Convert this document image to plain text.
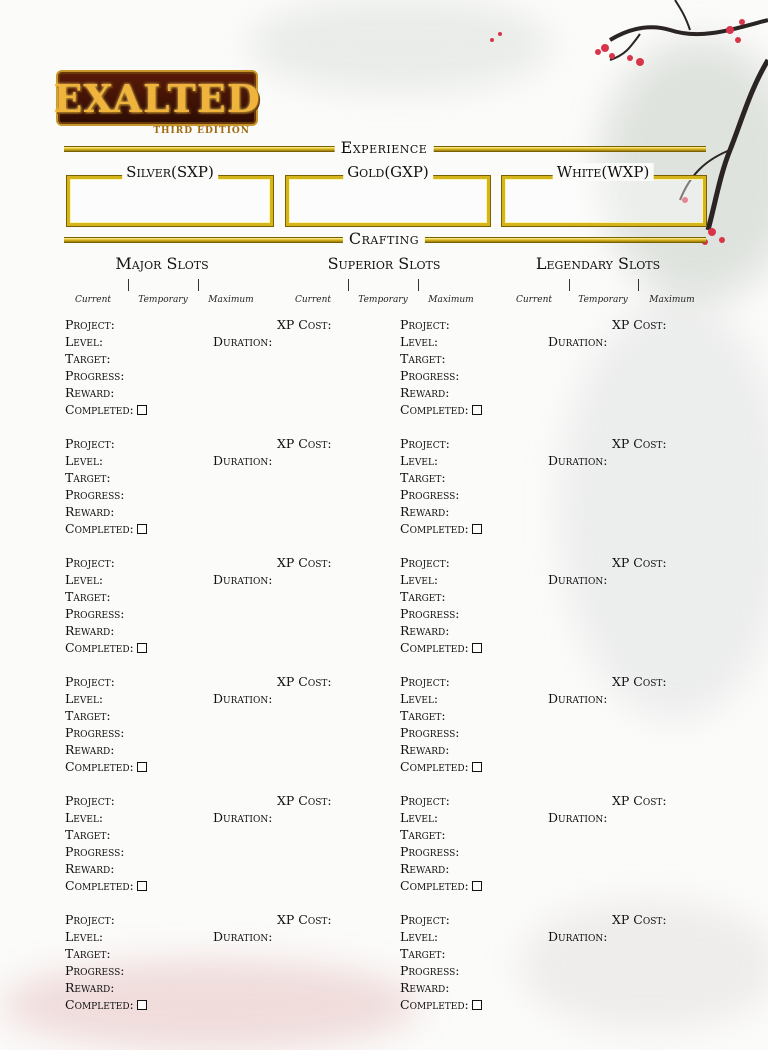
EXALTED
THIRD EDITION
Experience
Silver(SXP)	Gold(GXP)	White(WXP)
Crafting
Major Slots	Superior Slots	Legendary Slots
Current	Temporary Maximum	Current	Temporary Maximum	Current	Temporary Maximum
Project:
Level:
Target:
Progress:
Reward:
Completed:
XP Cost:
Duration:
Project:
Level:
Target:
Progress:
Reward:
Completed:
XP Cost:
Duration:
Project:
Level:
Target:
Progress:
Reward:
Completed:
XP Cost:
Duration:
Project:
Level:
Target:
Progress:
Reward:
Completed:
XP Cost:
Duration:
Project:
Level:
Target:
Progress:
Reward:
Completed:
XP Cost:
Duration:
Project:
Level:
Target:
Progress:
Reward:
Completed:
XP Cost:
Duration:
Project:
Level:
Target:
Progress:
Reward:
Completed:
XP Cost:
Duration:
Project:
Level:
Target:
Progress:
Reward:
Completed:
XP Cost:
Duration:
Project:
Level:
Target:
Progress:
Reward:
Completed:
XP Cost:
Duration:
Project:
Level:
Target:
Progress:
Reward:
Completed:
XP Cost:
Duration:
Project:
Level:
Target:
Progress:
Reward:
Completed:
XP Cost:
Duration:
Project:
Level:
Target:
Progress:
Reward:
Completed:
XP Cost:
Duration:
